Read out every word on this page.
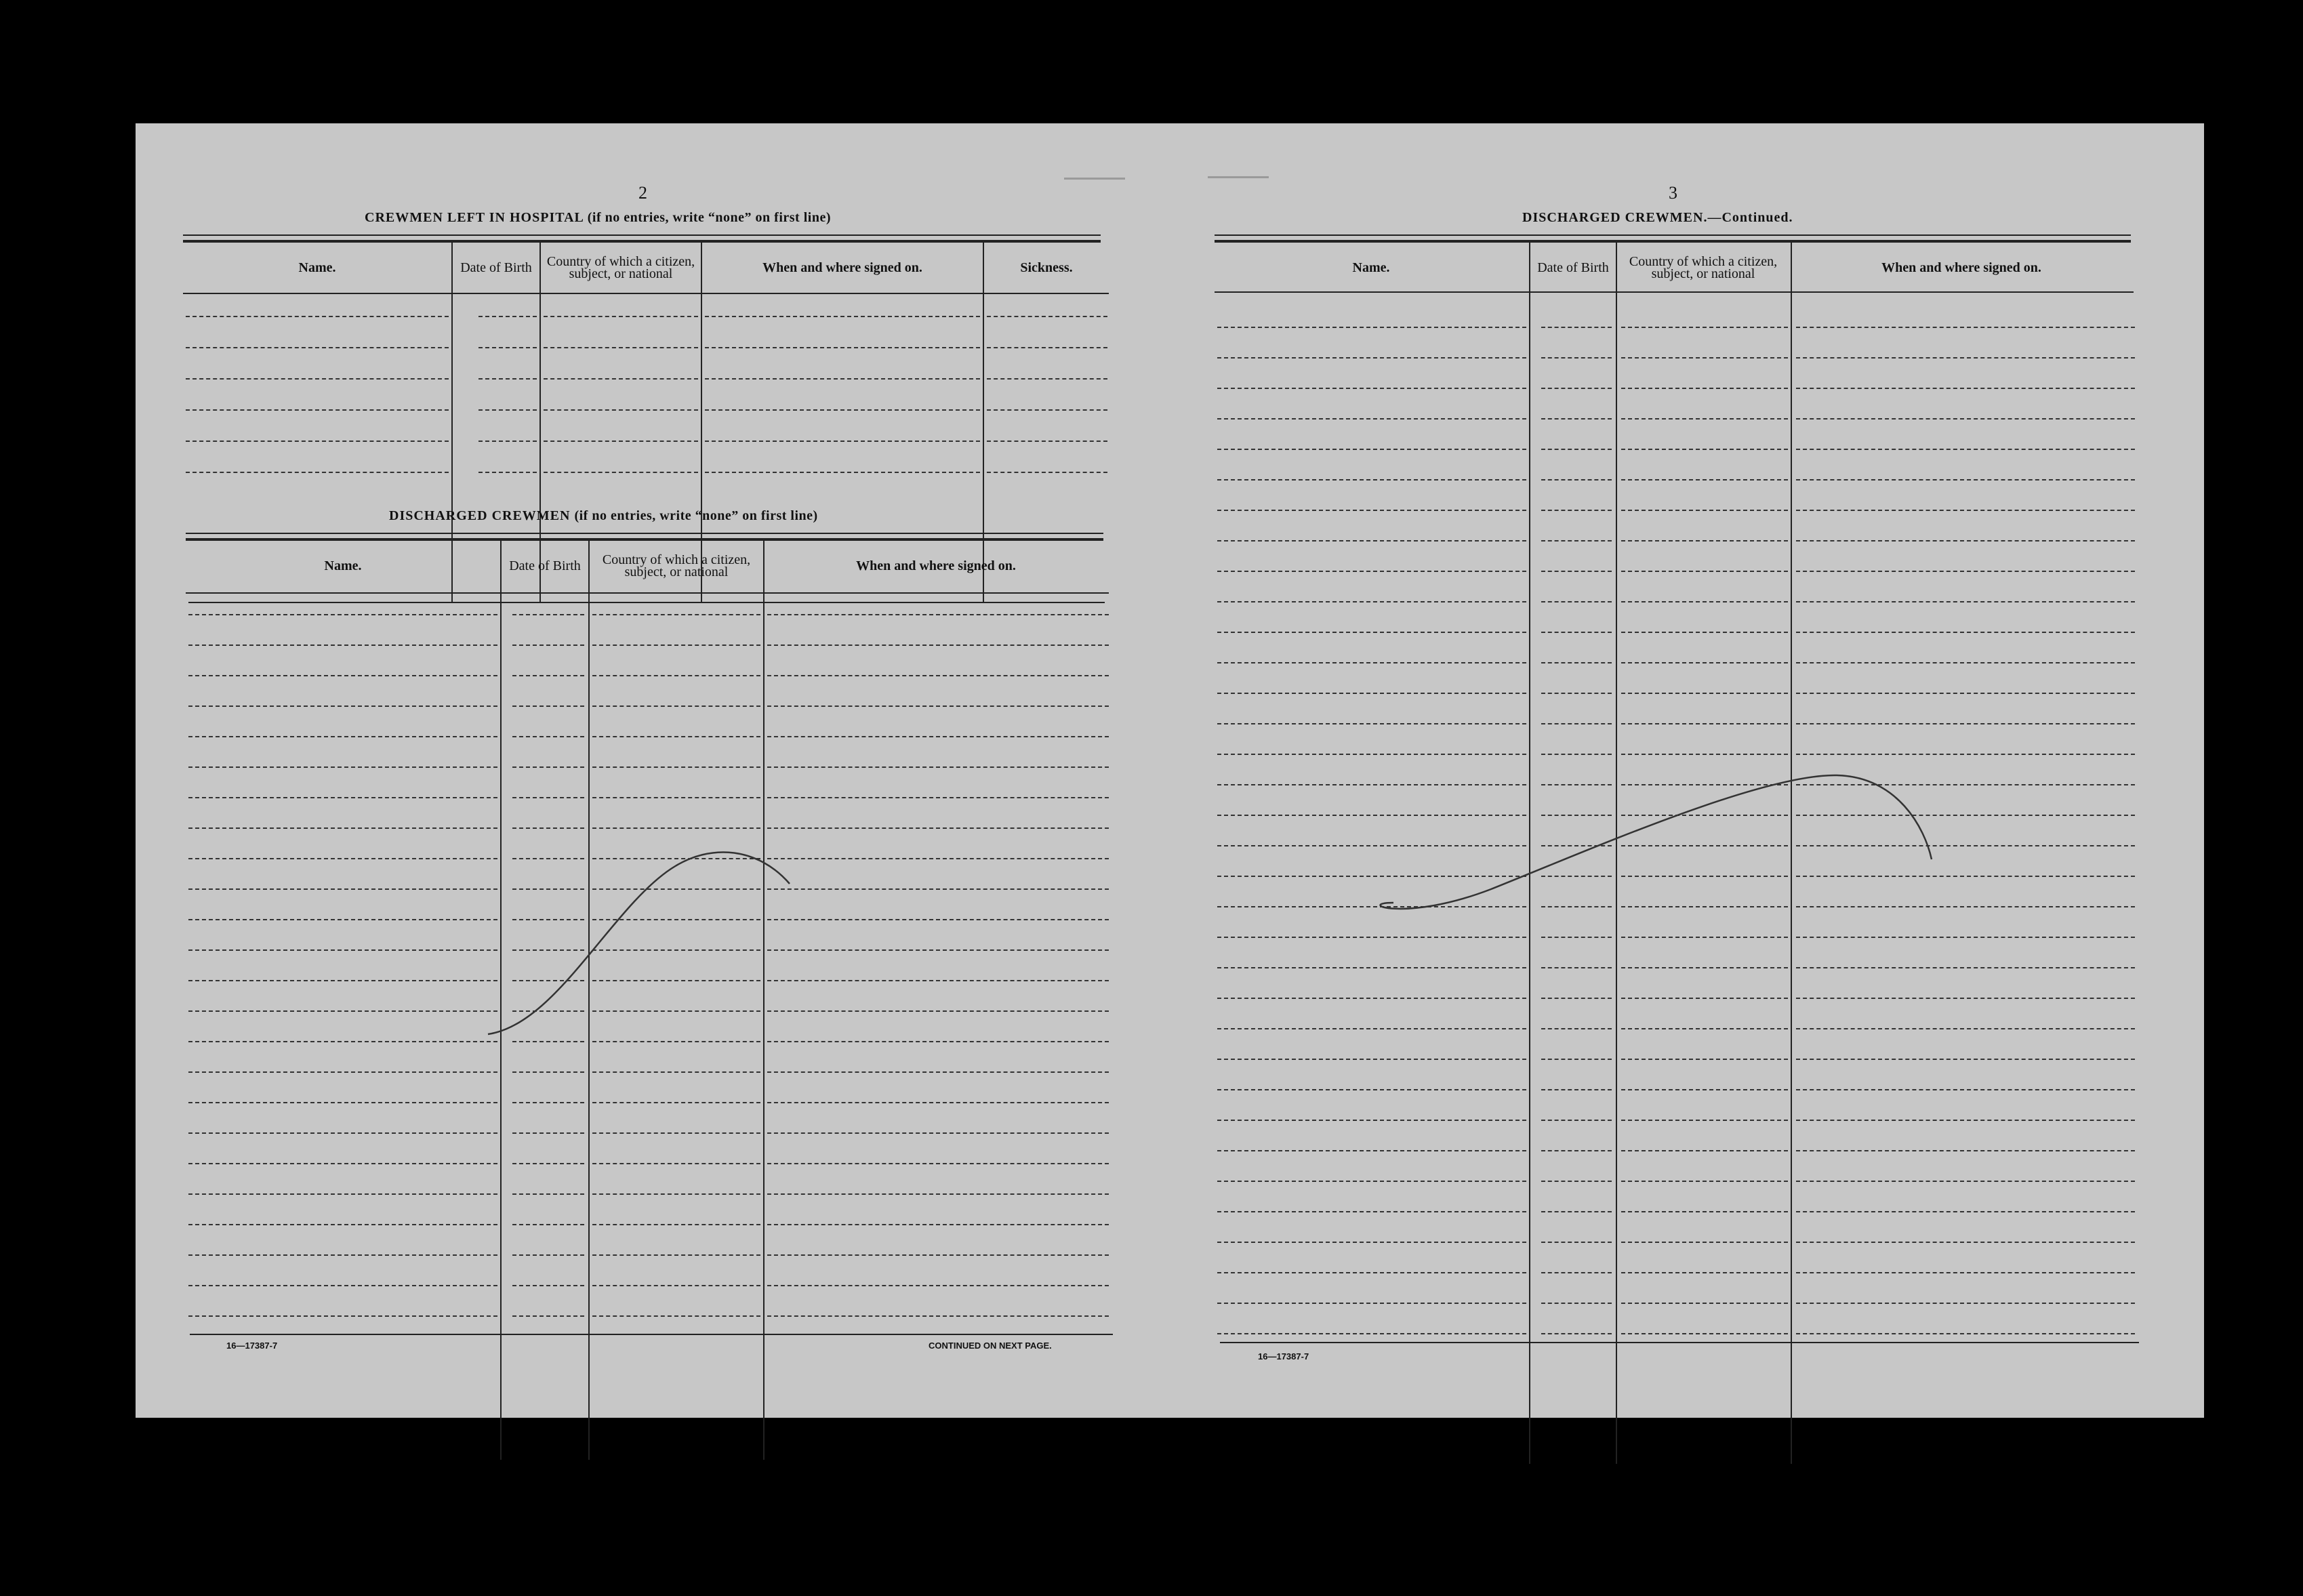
2
CREWMEN LEFT IN HOSPITAL (if no entries, write “none” on first line)
Name.	Date of Birth	Country of which a citizen, subject, or national	When and where signed on.	Sickness.
DISCHARGED CREWMEN (if no entries, write “none” on first line)
Name.	Date of Birth	Country of which a citizen, subject, or national	When and where signed on.
16—17387-7	CONTINUED ON NEXT PAGE.
3
DISCHARGED CREWMEN.—Continued.
Name.	Date of Birth	Country of which a citizen, subject, or national	When and where signed on.
16—17387-7
